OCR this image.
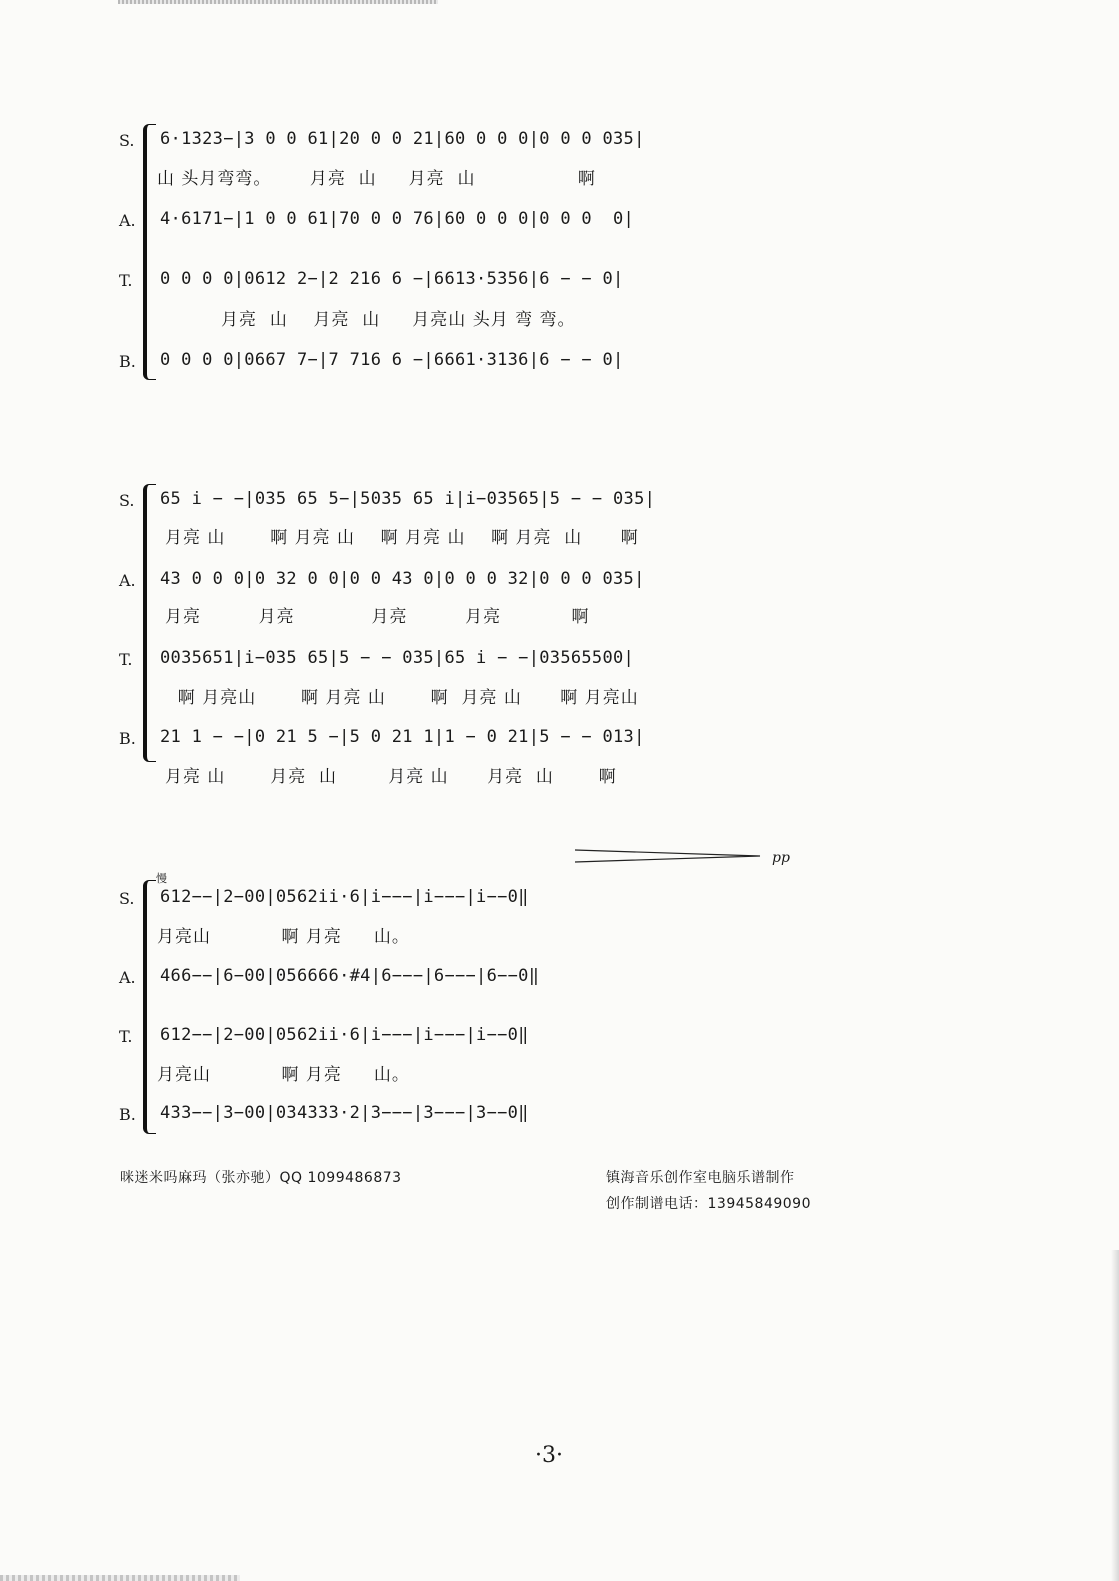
S. 6·1323−|3 0 0 61|20 0 0 21|60 0 0 0|0 0 0 035|
山 头月弯弯。      月亮  山     月亮  山                啊
A. 4·6171−|1 0 0 61|70 0 0 76|60 0 0 0|0 0 0  0|
T.	0 0 0 0|0612 2−|2 216 6 −|6613·5356|6 − − 0|
月亮  山    月亮  山     月亮山 头月 弯 弯。
B. 0 0 0 0|0667 7−|7 716 6 −|6661·3136|6 − − 0|
S. 65 i − −|035 65 5−|5035 65 i|i−03565|5 − − 035|
月亮 山       啊 月亮 山    啊 月亮 山    啊 月亮  山      啊
A. 43 0 0 0|0 32 0 0|0 0 43 0|0 0 0 32|0 0 0 035|
月亮         月亮            月亮         月亮           啊
T.	0035651|i−035 65|5 − − 035|65 i − −|03565500|
啊 月亮山       啊 月亮 山       啊  月亮 山      啊 月亮山
B. 21 1 − −|0 21 5 −|5 0 21 1|1 − 0 21|5 − − 013|
月亮 山       月亮  山        月亮 山      月亮  山       啊
慢
pp
S. 612−−|2−00|0562ii·6|i−−−|i−−−|i−−0‖
月亮山           啊 月亮     山。
A. 466−−|6−00|056666·#4|6−−−|6−−−|6−−0‖
T.	612−−|2−00|0562ii·6|i−−−|i−−−|i−−0‖
月亮山           啊 月亮     山。
B. 433−−|3−00|034333·2|3−−−|3−−−|3−−0‖
咪迷米吗麻玛（张亦驰）QQ 1099486873	镇海音乐创作室电脑乐谱制作
创作制谱电话：13945849090
·3·
